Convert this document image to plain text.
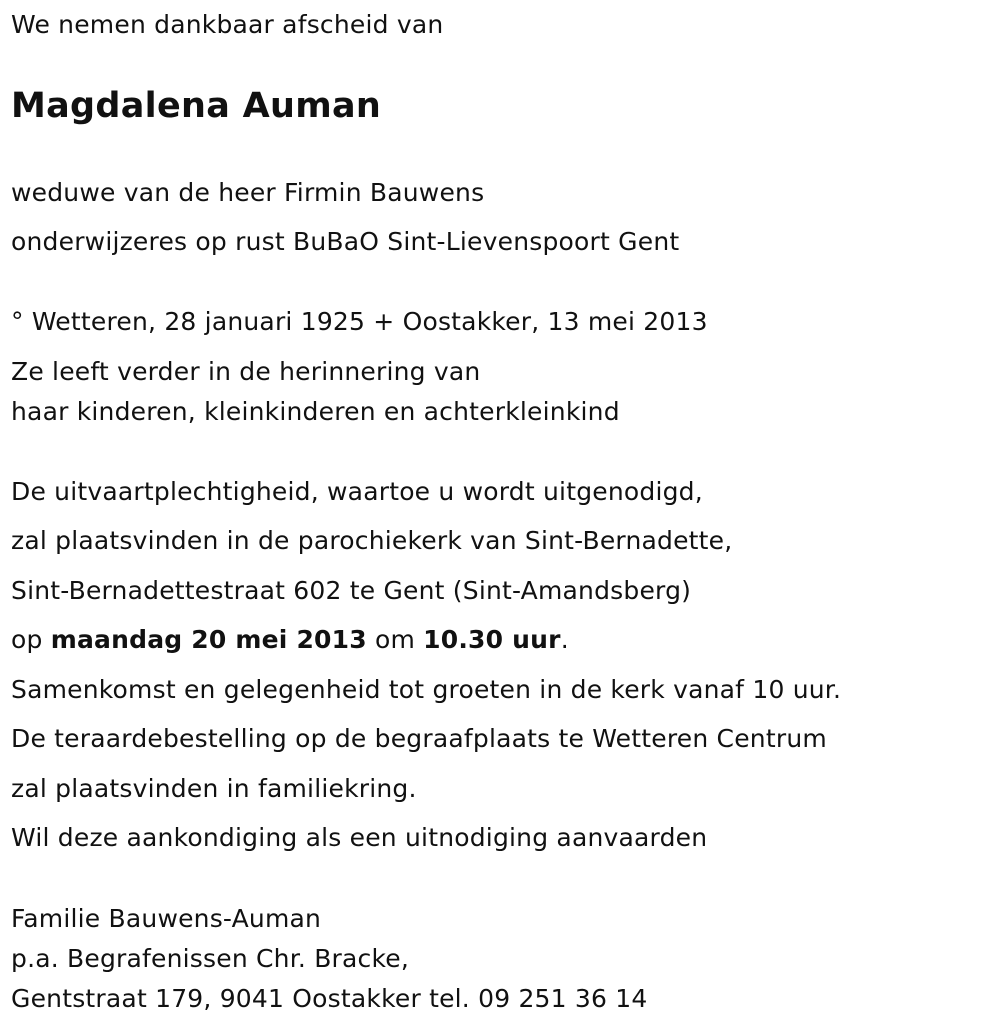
We nemen dankbaar afscheid van
Magdalena Auman
weduwe van de heer Firmin Bauwens
onderwijzeres op rust BuBaO Sint-Lievenspoort Gent
° Wetteren, 28 januari 1925 + Oostakker, 13 mei 2013
Ze leeft verder in de herinnering van
haar kinderen, kleinkinderen en achterkleinkind
De uitvaartplechtigheid, waartoe u wordt uitgenodigd,
zal plaatsvinden in de parochiekerk van Sint-Bernadette,
Sint-Bernadettestraat 602 te Gent (Sint-Amandsberg)
op maandag 20 mei 2013 om 10.30 uur.
Samenkomst en gelegenheid tot groeten in de kerk vanaf 10 uur.
De teraardebestelling op de begraafplaats te Wetteren Centrum
zal plaatsvinden in familiekring.
Wil deze aankondiging als een uitnodiging aanvaarden
Familie Bauwens-Auman
p.a. Begrafenissen Chr. Bracke,
Gentstraat 179, 9041 Oostakker tel. 09 251 36 14
